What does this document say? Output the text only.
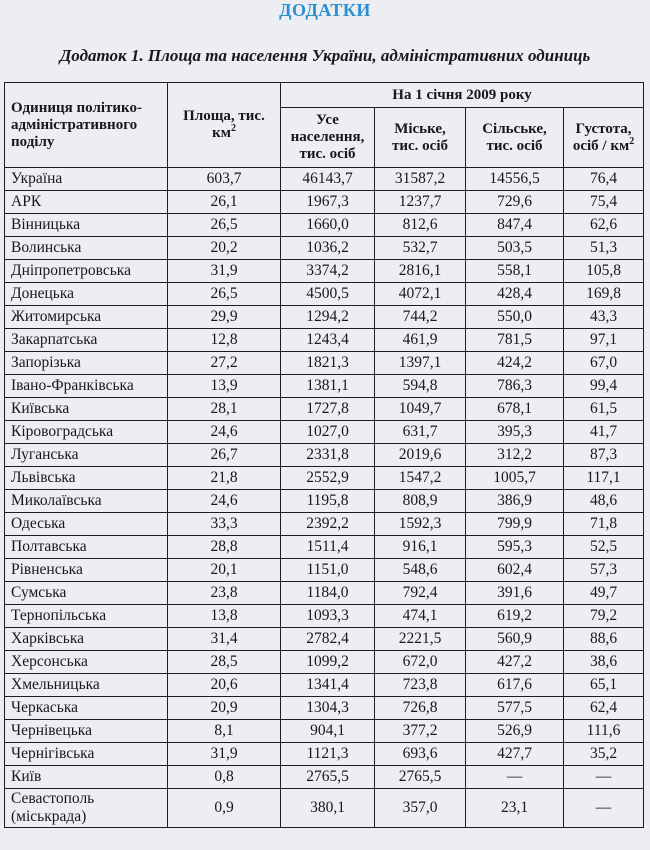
ДОДАТКИ
Додаток 1. Площа та населення України, адміністративних одиниць
Одиниця політико-адміністративного поділу	Площа, тис. $км^2$	На 1 січня 2009 року			
		Усе населення, тис. осіб	Міське, тис. осіб	Сільське, тис. осіб	Густота, осіб / $км^2$
Україна	603,7	46143,7	31587,2	14556,5	76,4
АРК	26,1	1967,3	1237,7	729,6	75,4
Вінницька	26,5	1660,0	812,6	847,4	62,6
Волинська	20,2	1036,2	532,7	503,5	51,3
Дніпропетровська	31,9	3374,2	2816,1	558,1	105,8
Донецька	26,5	4500,5	4072,1	428,4	169,8
Житомирська	29,9	1294,2	744,2	550,0	43,3
Закарпатська	12,8	1243,4	461,9	781,5	97,1
Запорізька	27,2	1821,3	1397,1	424,2	67,0
Івано-Франківська	13,9	1381,1	594,8	786,3	99,4
Київська	28,1	1727,8	1049,7	678,1	61,5
Кіровоградська	24,6	1027,0	631,7	395,3	41,7
Луганська	26,7	2331,8	2019,6	312,2	87,3
Львівська	21,8	2552,9	1547,2	1005,7	117,1
Миколаївська	24,6	1195,8	808,9	386,9	48,6
Одеська	33,3	2392,2	1592,3	799,9	71,8
Полтавська	28,8	1511,4	916,1	595,3	52,5
Рівненська	20,1	1151,0	548,6	602,4	57,3
Сумська	23,8	1184,0	792,4	391,6	49,7
Тернопільська	13,8	1093,3	474,1	619,2	79,2
Харківська	31,4	2782,4	2221,5	560,9	88,6
Херсонська	28,5	1099,2	672,0	427,2	38,6
Хмельницька	20,6	1341,4	723,8	617,6	65,1
Черкаська	20,9	1304,3	726,8	577,5	62,4
Чернівецька	8,1	904,1	377,2	526,9	111,6
Чернігівська	31,9	1121,3	693,6	427,7	35,2
Київ	0,8	2765,5	2765,5	—	—
Севастополь (міськрада)	0,9	380,1	357,0	23,1	—
